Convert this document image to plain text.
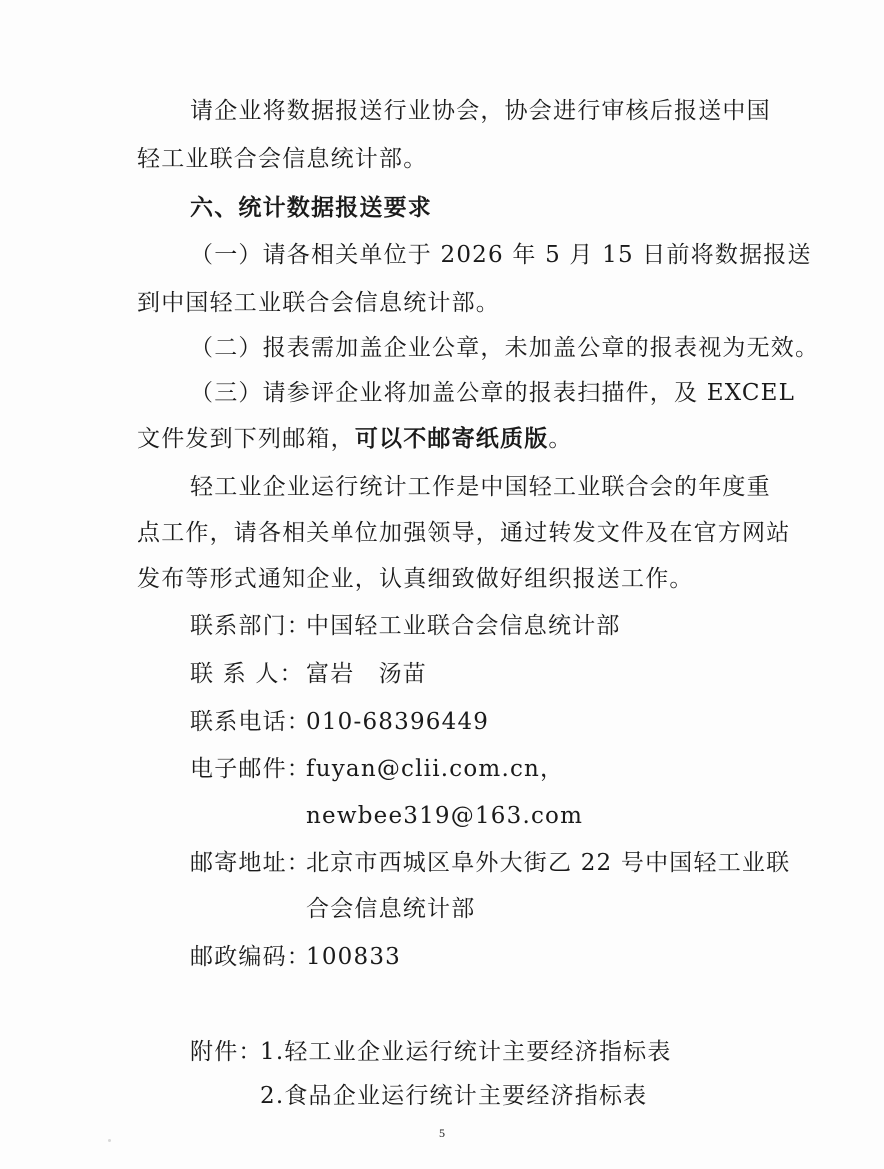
请企业将数据报送行业协会，协会进行审核后报送中国
轻工业联合会信息统计部。
六、统计数据报送要求
（一）请各相关单位于 2026 年 5 月 15 日前将数据报送
到中国轻工业联合会信息统计部。
（二）报表需加盖企业公章，未加盖公章的报表视为无效。
（三）请参评企业将加盖公章的报表扫描件，及 EXCEL
文件发到下列邮箱，可以不邮寄纸质版。
轻工业企业运行统计工作是中国轻工业联合会的年度重
点工作，请各相关单位加强领导，通过转发文件及在官方网站
发布等形式通知企业，认真细致做好组织报送工作。
联系部门：
中国轻工业联合会信息统计部
联 系 人： 富岩　汤苗
联系电话：
010-68396449
电子邮件：
fuyan@clii.com.cn，
newbee319@163.com
邮寄地址：
北京市西城区阜外大街乙 22 号中国轻工业联
合会信息统计部
邮政编码：
100833
附件：
1.轻工业企业运行统计主要经济指标表
2.食品企业运行统计主要经济指标表
5
